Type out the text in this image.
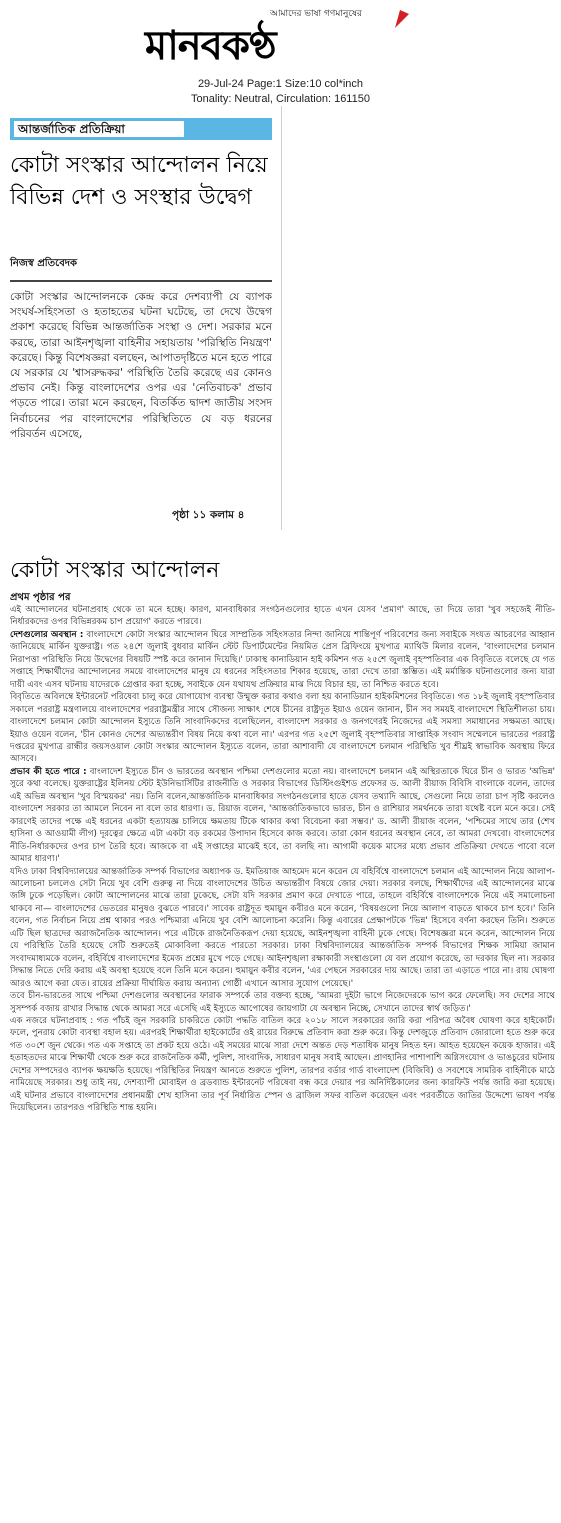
আমাদের ভাষা গণমানুষের
মানবকণ্ঠ
29-Jul-24 Page:1 Size:10 col*inch
Tonality: Neutral, Circulation: 161150
আন্তর্জাতিক প্রতিক্রিয়া
কোটা সংস্কার আন্দোলন নিয়ে বিভিন্ন দেশ ও সংস্থার উদ্বেগ
নিজস্ব প্রতিবেদক
কোটা সংস্কার আন্দোলনকে কেন্দ্র করে দেশব্যাপী যে ব্যাপক সংঘর্ষ-সহিংসতা ও হতাহতের ঘটনা ঘটেছে, তা দেখে উদ্বেগ প্রকাশ করেছে বিভিন্ন আন্তর্জাতিক সংস্থা ও দেশ। সরকার মনে করছে, তারা আইনশৃঙ্খলা বাহিনীর সহায়তায় 'পরিস্থিতি নিয়ন্ত্রণ' করেছে। কিন্তু বিশেষজ্ঞরা বলছেন, আপাতদৃষ্টিতে মনে হতে পারে যে সরকার যে 'শ্বাসরুদ্ধকর' পরিস্থিতি তৈরি করেছে এর কোনও প্রভাব নেই। কিন্তু বাংলাদেশের ওপর এর 'নেতিবাচক' প্রভাব পড়তে পারে। তারা মনে করছেন, বিতর্কিত দ্বাদশ জাতীয় সংসদ নির্বাচনের পর বাংলাদেশের পরিস্থিতিতে যে বড় ধরনের পরিবর্তন এসেছে,
পৃষ্ঠা ১১ কলাম ৪
কোটা সংস্কার আন্দোলন
প্রথম পৃষ্ঠার পর

এই আন্দোলনের ঘটনাপ্রবাহ থেকে তা মনে হচ্ছে। কারণ, মানবাধিকার সংগঠনগুলোর হাতে এখন যেসব 'প্রমাণ' আছে, তা দিয়ে তারা 'খুব সহজেই নীতি-নির্ধারকদের ওপর বিভিন্নরকম চাপ প্রয়োগ' করতে পারবে।

দেশগুলোর অবস্থান : বাংলাদেশে কোটা সংস্কার আন্দোলন ঘিরে সাম্প্রতিক সহিংসতার নিন্দা জানিয়ে শান্তিপূর্ণ পরিবেশের জন্য সবাইকে সংযত আচরণের আহ্বান জানিয়েছে মার্কিন যুক্তরাষ্ট্র। গত ২৪শে জুলাই বুধবার মার্কিন স্টেট ডিপার্টমেন্টের নিয়মিত প্রেস ব্রিফিংয়ে মুখপাত্র ম্যাথিউ মিলার বলেন, 'বাংলাদেশের চলমান নিরাপত্তা পরিস্থিতি নিয়ে উদ্বেগের বিষয়টি স্পষ্ট করে জানান দিয়েছি।' ঢাকাস্থ কানাডিয়ান হাই কমিশন গত ২৫শে জুলাই বৃহস্পতিবার এক বিবৃতিতে বলেছে যে গত সপ্তাহে শিক্ষার্থীদের আন্দোলনের সময়ে বাংলাদেশের মানুষ যে ধরনের সহিংসতার শিকার হয়েছে, তারা দেখে তারা স্তম্ভিত। এই মর্মান্তিক ঘটনাগুলোর জন্য যারা দায়ী এবং এসব ঘটনায় যাদেরকে গ্রেপ্তার করা হচ্ছে, সবাইকে যেন যথাযথ প্রক্রিয়ার মাঝ দিয়ে বিচার হয়, তা নিশ্চিত করতে হবে।

বিবৃতিতে অবিলম্বে ইন্টারনেট পরিষেবা চালু করে যোগাযোগ ব্যবস্থা উন্মুক্ত করার কথাও বলা হয় কানাডিয়ান হাইকমিশনের বিবৃতিতে। গত ১৮ই জুলাই বৃহস্পতিবার সকালে পররাষ্ট্র মন্ত্রণালয়ে বাংলাদেশের পররাষ্ট্রমন্ত্রীর সাথে সৌজন্য সাক্ষাৎ শেষে চীনের রাষ্ট্রদূত ইয়াও ওয়েন জানান, চীন সব সময়ই বাংলাদেশে স্থিতিশীলতা চায়। বাংলাদেশে চলমান কোটা আন্দোলন ইস্যুতে তিনি সাংবাদিকদের বলেছিলেন, বাংলাদেশ সরকার ও জনগণেরই নিজেদের এই সমস্যা সমাধানের সক্ষমতা আছে। ইয়াও ওয়েন বলেন, 'চীন কোনও দেশের অভ্যন্তরীণ বিষয় নিয়ে কথা বলে না।' এরপর গত ২৫শে জুলাই বৃহস্পতিবার সাপ্তাহিক সংবাদ সম্মেলনে ভারতের পররাষ্ট্র দপ্তরের মুখপাত্র রান্ধীর জয়সওয়াল কোটা সংস্কার আন্দোলন ইস্যুতে বলেন, তারা আশাবাদী যে বাংলাদেশে চলমান পরিস্থিতি খুব শীঘ্রই স্বাভাবিক অবস্থায় ফিরে আসবে।

প্রভাব কী হতে পারে : বাংলাদেশ ইস্যুতে চীন ও ভারতের অবস্থান পশ্চিমা দেশগুলোর মতো নয়। বাংলাদেশে চলমান এই অস্থিরতাকে ঘিরে চীন ও ভারত 'অভিন্ন' সুরে কথা বলেছে। যুক্তরাষ্ট্রের ইলিনয় স্টেট ইউনিভার্সিটির রাজনীতি ও সরকার বিভাগের ডিস্টিংগুইশড প্রফেসর ড. আলী রীয়াজ বিবিসি বাংলাকে বলেন, তাদের এই অভিন্ন অবস্থান 'খুব বিস্ময়কর' নয়। তিনি বলেন,আন্তর্জাতিক মানবাধিকার সংগঠনগুলোর হাতে যেসব তথ্যাদি আছে, সেগুলো নিয়ে তারা চাপ সৃষ্টি করলেও বাংলাদেশ সরকার তা আমলে নিবেন না বলে তার ধারণা। ড. রিয়াজ বলেন, 'আন্তর্জাতিকভাবে ভারত, চীন ও রাশিয়ার সমর্থনকে তারা যথেষ্ট বলে মনে করে। সেই কারণেই তাদের পক্ষে এই ধরনের একটা হত্যাযজ্ঞ চালিয়ে ক্ষমতায় টিকে থাকার কথা বিবেচনা করা সম্ভব।' ড. আলী রীয়াজ বলেন, 'পশ্চিমের সাথে তার (শেখ হাসিনা ও আওয়ামী লীগ) দূরত্বের ক্ষেত্রে এটা একটা বড় রকমের উপাদান হিসেবে কাজ করবে। তারা কোন ধরনের অবস্থান নেবে, তা আমরা দেখবো। বাংলাদেশের নীতি-নির্ধারকদের ওপর চাপ তৈরি হবে। আজকে বা এই সপ্তাহের মাঝেই হবে, তা বলছি না। আগামী কয়েক মাসের মধ্যে প্রভাব প্রতিক্রিয়া দেখতে পাবো বলে আমার ধারণা।'

যদিও ঢাকা বিশ্ববিদ্যালয়ের আন্তর্জাতিক সম্পর্ক বিভাগের অধ্যাপক ড. ইমতিয়াজ আহমেদ মনে করেন যে বহির্বিশ্বে বাংলাদেশে চলমান এই আন্দোলন নিয়ে আলাপ-আলোচনা চললেও সেটা নিয়ে খুব বেশি গুরুত্ব না দিয়ে বাংলাদেশের উচিত অভ্যন্তরীণ বিষয়ে জোর দেয়া। সরকার বলছে, শিক্ষার্থীদের এই আন্দোলনের মাঝে জঙ্গি ঢুকে পড়েছিল। কোটা আন্দোলনের মাঝে তারা ঢুকেছে, সেটা যদি সরকার প্রমাণ করে দেখাতে পারে, তাহলে বহির্বিশ্বে বাংলাদেশকে নিয়ে এই সমালোচনা থাকবে না— বাংলাদেশের ভেতরের মানুষও বুঝতে পারবে।' সাবেক রাষ্ট্রদূত হুমায়ুন কবীরও মনে করেন, 'বিষয়গুলো নিয়ে আলাপ বাড়তে থাকবে চাপ হবে।' তিনি বলেন, গত নির্বাচন নিয়ে প্রশ্ন থাকার পরও পশ্চিমারা এনিয়ে খুব বেশি আলোচনা করেনি। কিন্তু এবারের প্রেক্ষাপটকে 'ভিন্ন' হিসেবে বর্ণনা করছেন তিনি। শুরুতে এটি ছিল ছাত্রদের অরাজনৈতিক আন্দোলন। পরে এটিকে রাজনৈতিকরূপ দেয়া হয়েছে, আইনশৃঙ্খলা বাহিনী ঢুকে গেছে। বিশেষজ্ঞরা মনে করেন, আন্দোলন নিয়ে যে পরিস্থিতি তৈরি হয়েছে সেটি শুরুতেই মোকাবিলা করতে পারতো সরকার। ঢাকা বিশ্ববিদ্যালয়ের আন্তর্জাতিক সম্পর্ক বিভাগের শিক্ষক সামিয়া জামান সংবাদমাধ্যমকে বলেন, বহির্বিশ্বে বাংলাদেশের ইমেজ প্রশ্নের মুখে পড়ে গেছে। আইনশৃঙ্খলা রক্ষাকারী সংস্থাগুলো যে বল প্রয়োগ করেছে, তা দরকার ছিল না। সরকার সিদ্ধান্ত নিতে দেরি করায় এই অবস্থা হয়েছে বলে তিনি মনে করেন। হুমায়ুন কবীর বলেন, 'এর পেছনে সরকারের দায় আছে। তারা তা এড়াতে পারে না। রায় ঘোষণা আরও আগে করা যেত। রায়ের প্রক্রিয়া দীর্ঘায়িত করায় অন্যান্য গোষ্ঠী এখানে আসার সুযোগ পেয়েছে।'

তবে চীন-ভারতের সাথে পশ্চিমা দেশগুলোর অবস্থানের ফারাক সম্পর্কে তার বক্তব্য হচ্ছে, 'আমরা দুইটা ভাগে নিজেদেরকে ভাগ করে ফেলেছি। সব দেশের সাথে সুসম্পর্ক বজায় রাখার সিদ্ধান্ত থেকে আমরা সরে এসেছি এই ইস্যুতে আপোষের জায়গাটা যে অবস্থান নিচ্ছে, সেখানে তাদের স্বার্থ জড়িত।'

এক নজরে ঘটনাপ্রবাহ : গত পাঁচই জুন সরকারি চাকরিতে কোটা পদ্ধতি বাতিল করে ২০১৮ সালে সরকারের জারি করা পরিপত্র অবৈধ ঘোষণা করে হাইকোর্ট। ফলে, পুনরায় কোটা ব্যবস্থা বহাল হয়। এরপরই শিক্ষার্থীরা হাইকোর্টের ওই রায়ের বিরুদ্ধে প্রতিবাদ করা শুরু করে। কিন্তু দেশজুড়ে প্রতিবাদ জোরালো হতে শুরু করে গত ৩০শে জুন থেকে। গত এক সপ্তাহে তা প্রকট হয়ে ওঠে। এই সময়ের মাঝে সারা দেশে অন্তত দেড় শতাধিক মানুষ নিহত হন। আহত হয়েছেন কয়েক হাজার। এই হতাহতদের মাঝে শিক্ষার্থী থেকে শুরু করে রাজনৈতিক কর্মী, পুলিশ, সাংবাদিক, সাধারণ মানুষ সবাই আছেন। প্রাণহানির পাশাপাশি অগ্নিসংযোগ ও ভাঙচুরের ঘটনায় দেশের সম্পদেরও ব্যাপক ক্ষয়ক্ষতি হয়েছে। পরিস্থিতির নিয়ন্ত্রণ আনতে শুরুতে পুলিশ, তারপর বর্ডার গার্ড বাংলাদেশ (বিজিবি) ও সবশেষে সামরিক বাহিনীকে মাঠে নামিয়েছে সরকার। শুধু তাই নয়, দেশব্যাপী মোবাইল ও ব্রডব্যান্ড ইন্টারনেট পরিষেবা বন্ধ করে দেয়ার পর অনির্দিষ্টকালের জন্য কারফিউ পর্যন্ত জারি করা হয়েছে। এই ঘটনার প্রভাবে বাংলাদেশের প্রধানমন্ত্রী শেখ হাসিনা তার পূর্ব নির্ধারিত স্পেন ও ব্রাজিল সফর বাতিল করেছেন এবং পরবর্তীতে জাতির উদ্দেশ্যে ভাষণ পর্যন্ত দিয়েছিলেন। তারপরও পরিস্থিতি শান্ত হয়নি।
